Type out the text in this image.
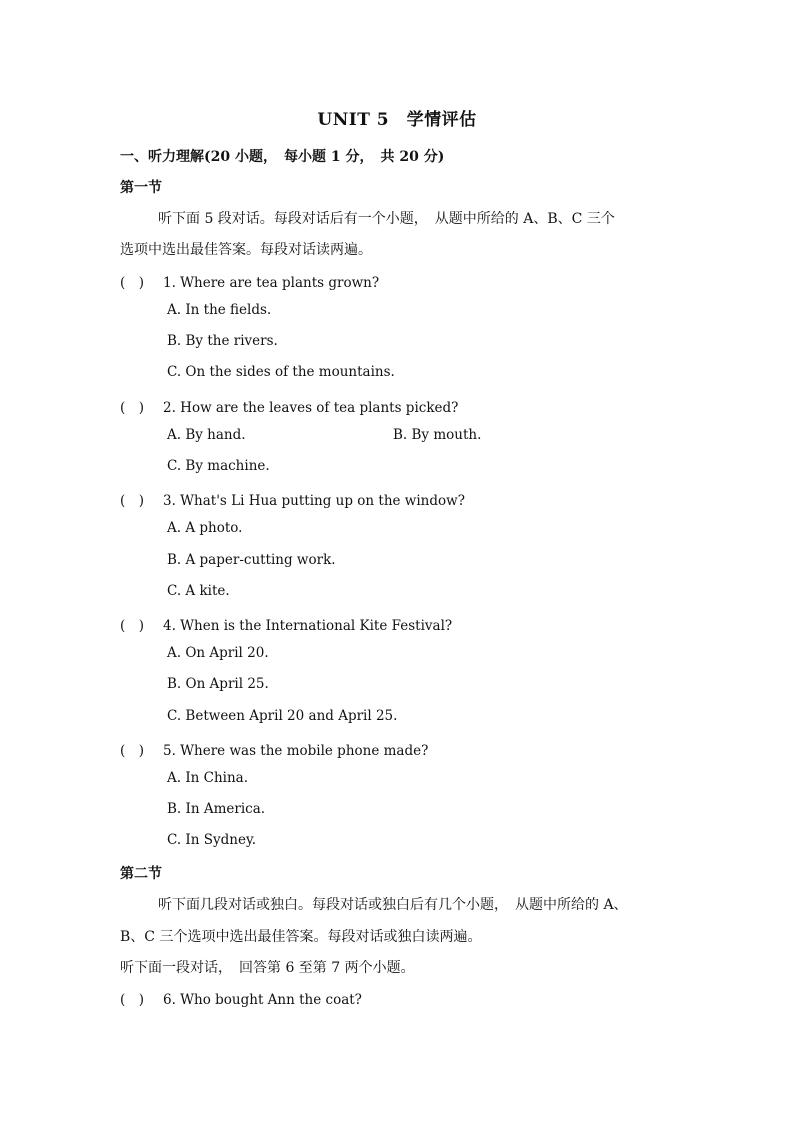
UNIT 5　学情评估
一、听力理解(20 小题，　每小题 1 分，　共 20 分)
第一节
听下面 5 段对话。每段对话后有一个小题，　从题中所给的 A、B、C 三个
选项中选出最佳答案。每段对话读两遍。
(　) 1. Where are tea plants grown?
A. In the fields.
B. By the rivers.
C. On the sides of the mountains.
(　) 2. How are the leaves of tea plants picked?
A. By hand.	B. By mouth.
C. By machine.
(　) 3. What's Li Hua putting up on the window?
A. A photo.
B. A paper-cutting work.
C. A kite.
(　) 4. When is the International Kite Festival?
A. On April 20.
B. On April 25.
C. Between April 20 and April 25.
(　) 5. Where was the mobile phone made?
A. In China.
B. In America.
C. In Sydney.
第二节
听下面几段对话或独白。每段对话或独白后有几个小题，　从题中所给的 A、
B、C 三个选项中选出最佳答案。每段对话或独白读两遍。
听下面一段对话，　回答第 6 至第 7 两个小题。
(　) 6. Who bought Ann the coat?
